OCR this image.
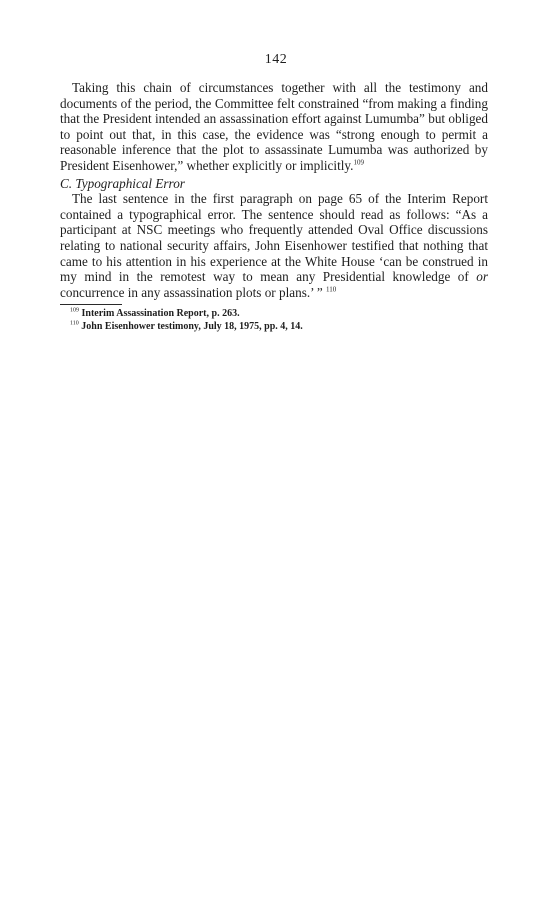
142

Taking this chain of circumstances together with all the testimony and documents of the period, the Committee felt constrained “from making a finding that the President intended an assassination effort against Lumumba” but obliged to point out that, in this case, the evidence was “strong enough to permit a reasonable inference that the plot to assassinate Lumumba was authorized by President Eisenhower,” whether explicitly or implicitly.$^{109}$

C. Typographical Error

The last sentence in the first paragraph on page 65 of the Interim Report contained a typographical error. The sentence should read as follows: “As a participant at NSC meetings who frequently attended Oval Office discussions relating to national security affairs, John Eisenhower testified that nothing that came to his attention in his experience at the White House ‘can be construed in my mind in the remotest way to mean any Presidential knowledge of or concurrence in any assassination plots or plans.’ ” $^{110}$

$^{109}$ Interim Assassination Report, p. 263.

$^{110}$ John Eisenhower testimony, July 18, 1975, pp. 4, 14.
